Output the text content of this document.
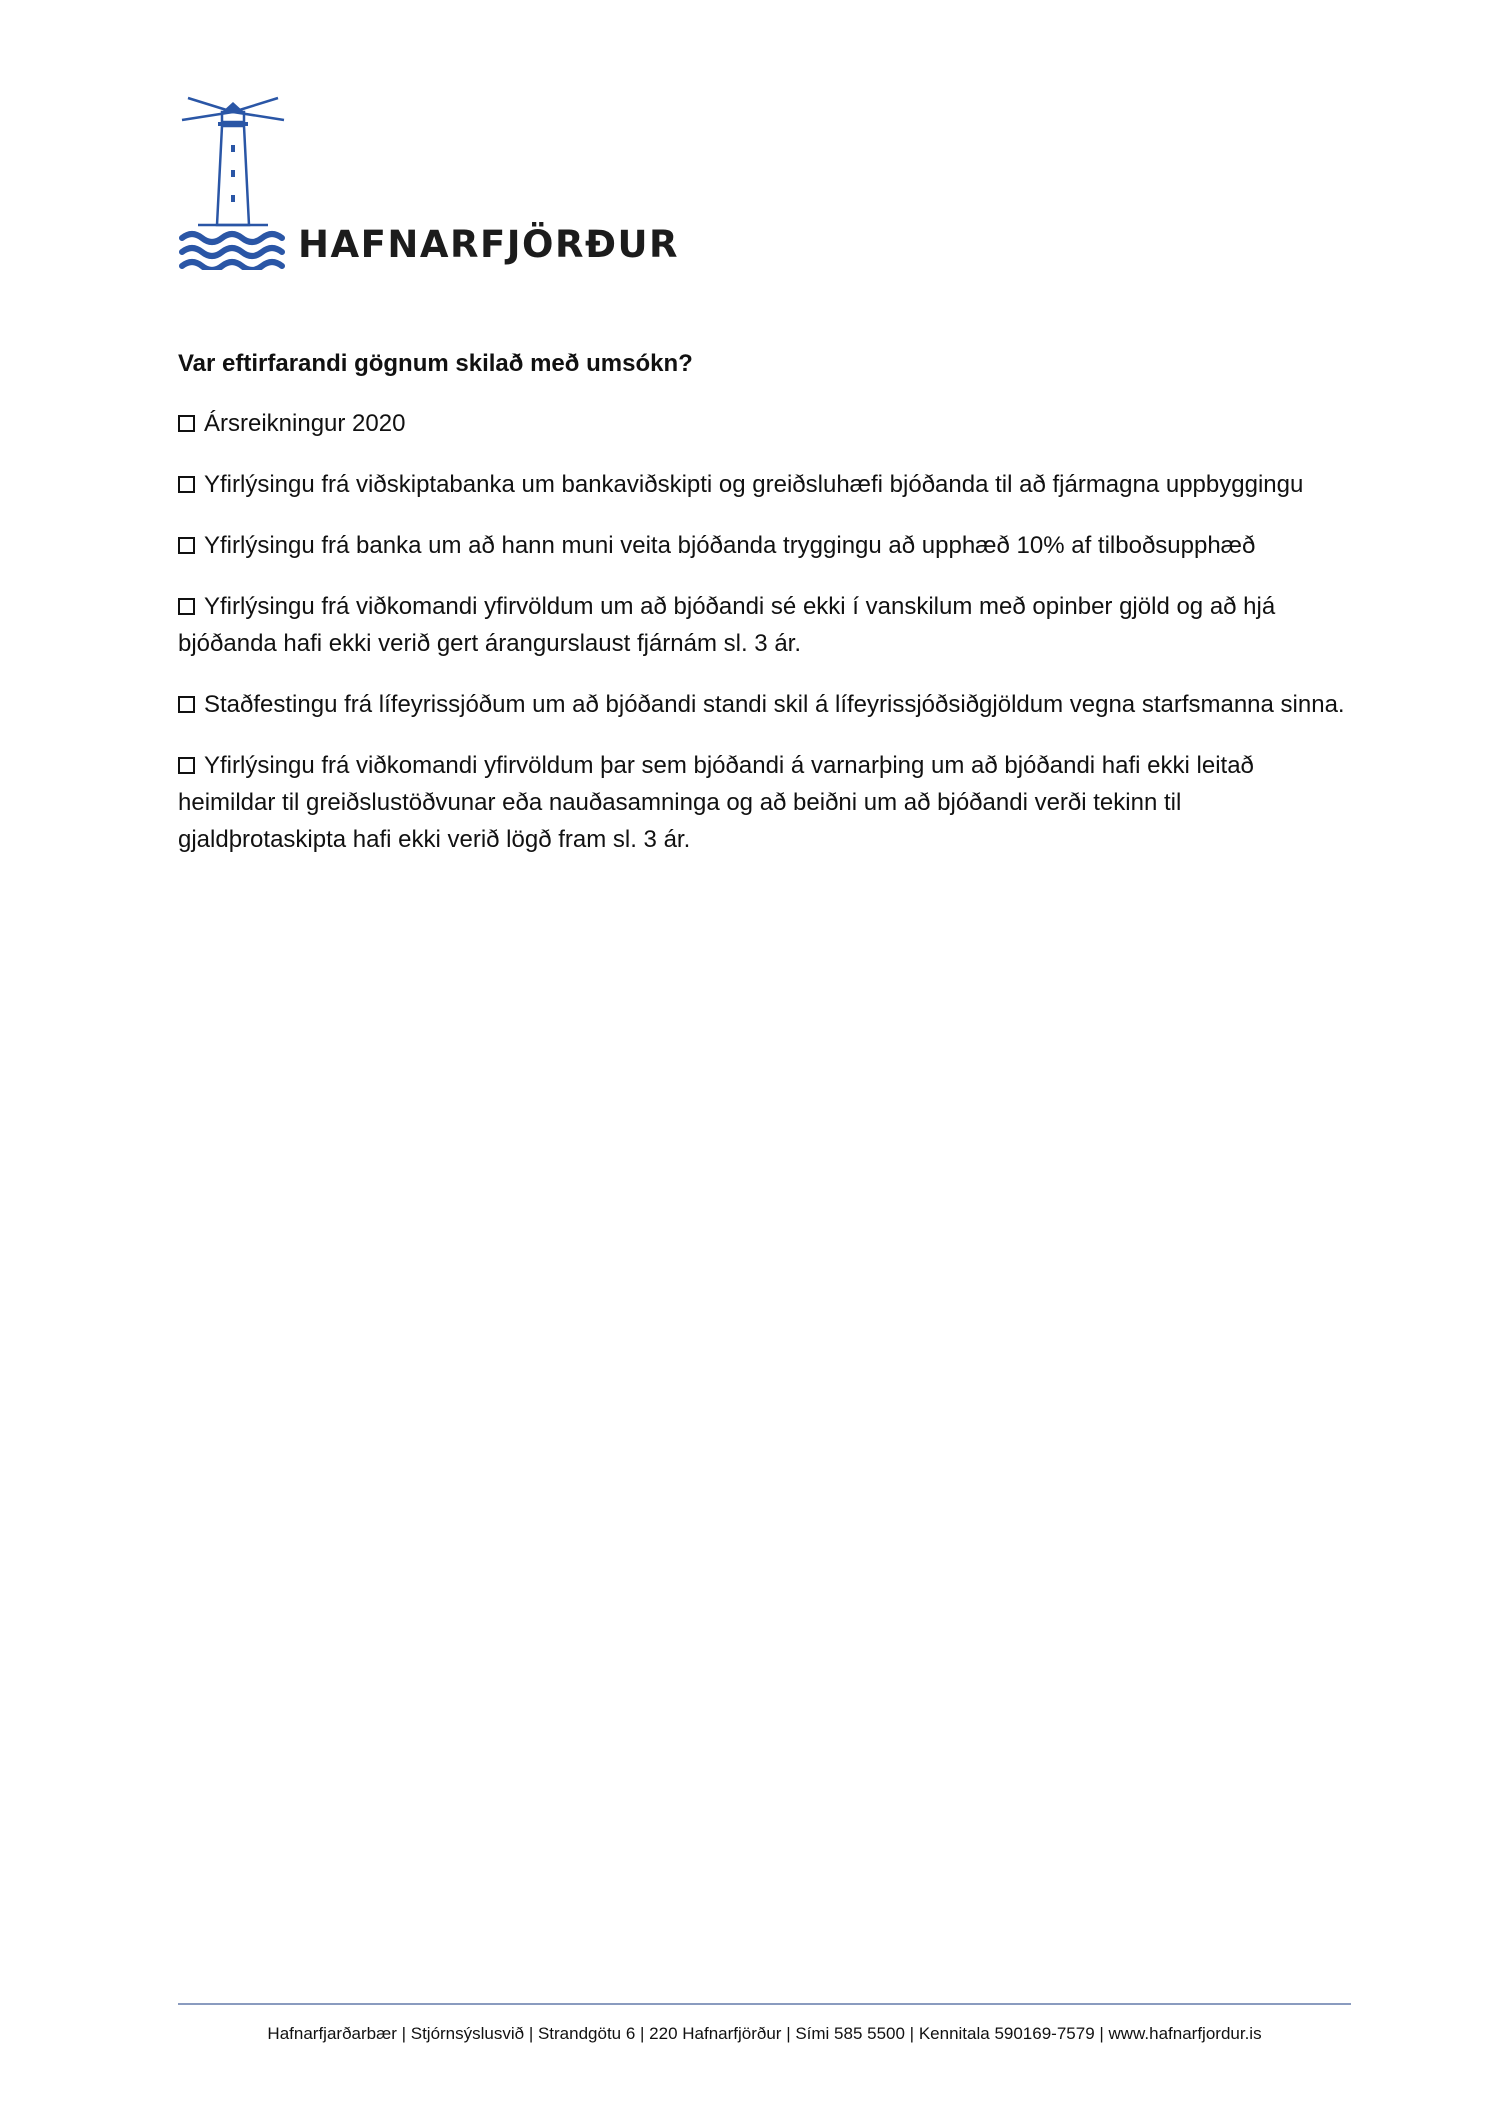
HAFNARFJÖRÐUR

Var eftirfarandi gögnum skilað með umsókn?

Ársreikningur 2020
Yfirlýsingu frá viðskiptabanka um bankaviðskipti og greiðsluhæfi bjóðanda til að fjármagna uppbyggingu
Yfirlýsingu frá banka um að hann muni veita bjóðanda tryggingu að upphæð 10% af tilboðsupphæð
Yfirlýsingu frá viðkomandi yfirvöldum um að bjóðandi sé ekki í vanskilum með opinber gjöld og að hjá bjóðanda hafi ekki verið gert árangurslaust fjárnám sl. 3 ár.
Staðfestingu frá lífeyrissjóðum um að bjóðandi standi skil á lífeyrissjóðsiðgjöldum vegna starfsmanna sinna.
Yfirlýsingu frá viðkomandi yfirvöldum þar sem bjóðandi á varnarþing um að bjóðandi hafi ekki leitað heimildar til greiðslustöðvunar eða nauðasamninga og að beiðni um að bjóðandi verði tekinn til gjaldþrotaskipta hafi ekki verið lögð fram sl. 3 ár.
Hafnarfjarðarbær | Stjórnsýslusvið | Strandgötu 6 | 220 Hafnarfjörður | Sími 585 5500 | Kennitala 590169-7579 | www.hafnarfjordur.is
